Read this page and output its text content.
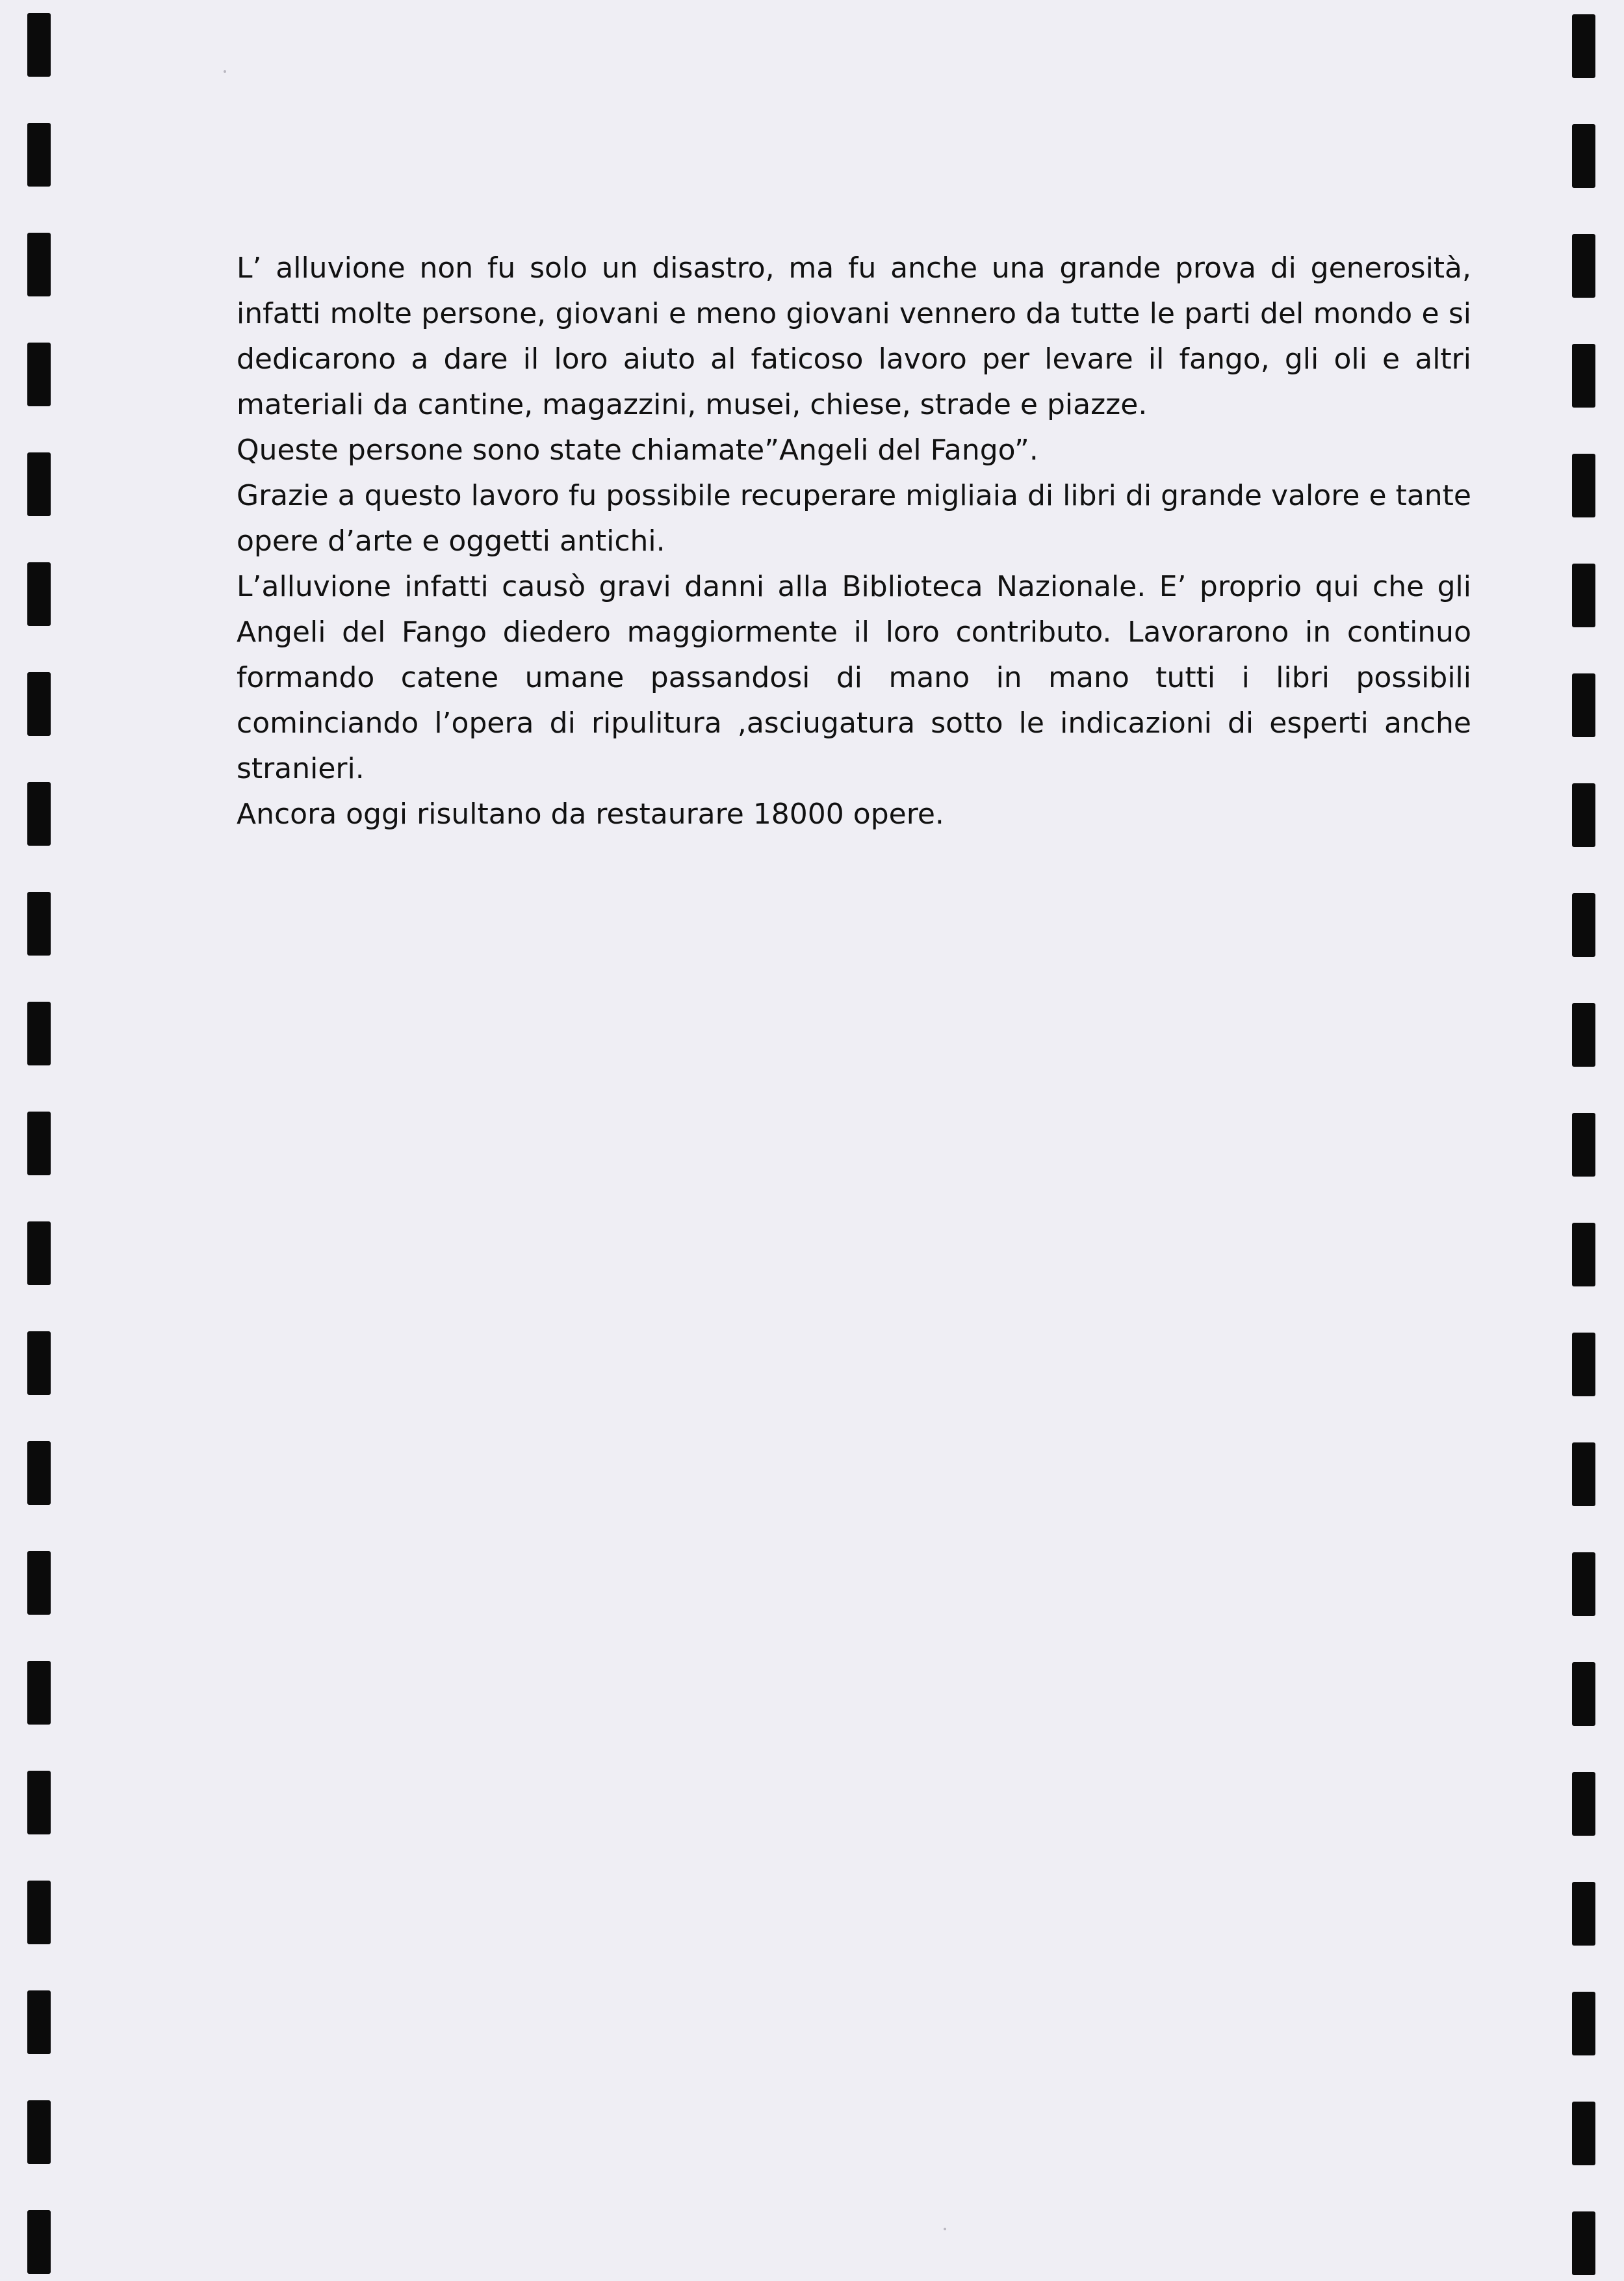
L’ alluvione non fu solo un disastro, ma fu anche una grande prova di generosità, infatti molte persone, giovani e meno giovani vennero da tutte le parti del mondo e si dedicarono a dare il loro aiuto al faticoso lavoro per levare il fango, gli oli e altri materiali da cantine, magazzini, musei, chiese, strade e piazze.

Queste persone sono state chiamate”Angeli del Fango”.

Grazie a questo lavoro fu possibile recuperare migliaia di libri di grande valore e tante opere d’arte e oggetti antichi.

L’alluvione infatti causò gravi danni alla Biblioteca Nazionale. E’ proprio qui che gli Angeli del Fango diedero maggiormente il loro contributo. Lavorarono in continuo formando catene umane passandosi di mano in mano tutti i libri possibili cominciando l’opera di ripulitura ,asciugatura sotto le indicazioni di esperti anche stranieri.

Ancora oggi risultano da restaurare 18000 opere.
